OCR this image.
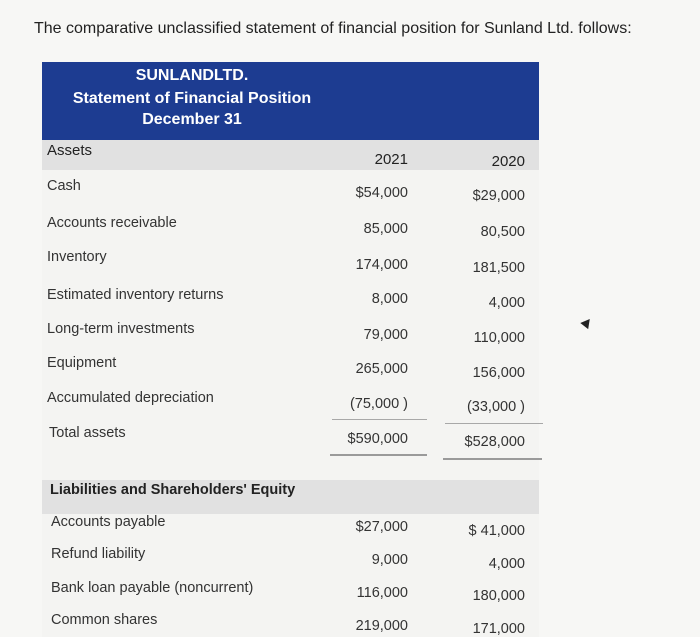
The comparative unclassified statement of financial position for Sunland Ltd. follows:

SUNLANDLTD.
Statement of Financial Position
December 31
Assets
2021	2020
Cash	$54,000	$29,000
Accounts receivable	85,000	80,500
Inventory	174,000	181,500
Estimated inventory returns	8,000	4,000
Long-term investments	79,000	110,000
Equipment	265,000	156,000
Accumulated depreciation	(75,000 )	(33,000 )
Total assets	$590,000	$528,000
Liabilities and Shareholders' Equity
Accounts payable	$27,000	$ 41,000
Refund liability	9,000	4,000
Bank loan payable (noncurrent)	116,000	180,000
Common shares	219,000	171,000
